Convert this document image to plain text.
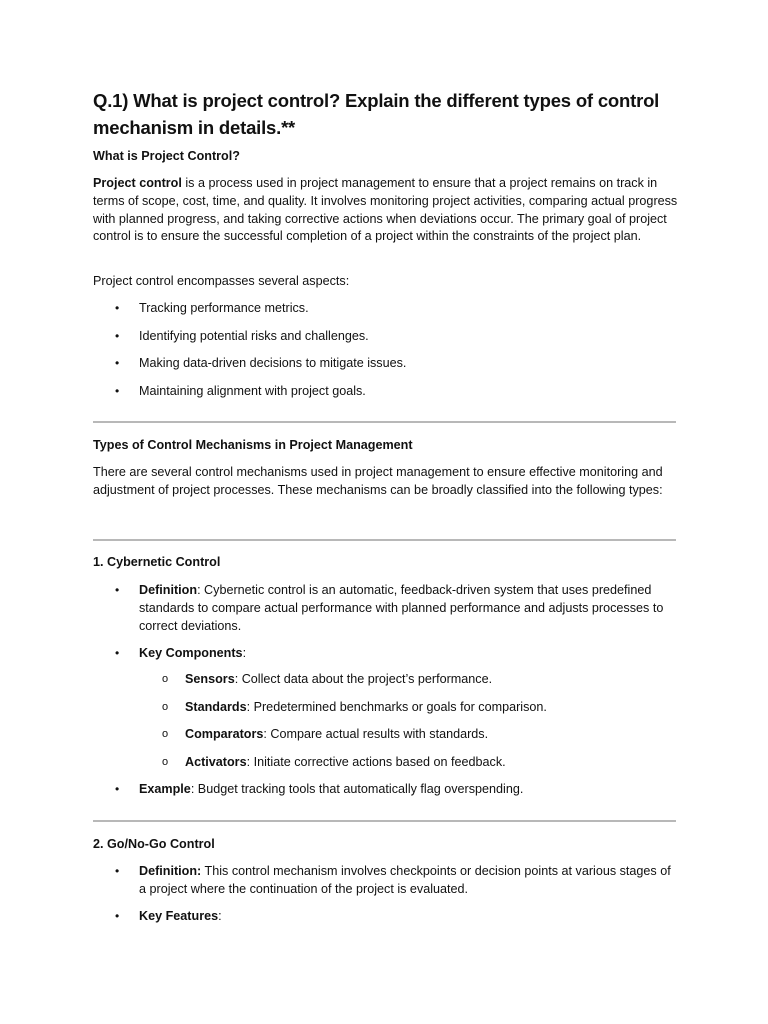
Q.1) What is project control? Explain the different types of control mechanism in details.**

What is Project Control?

Project control is a process used in project management to ensure that a project remains on track in terms of scope, cost, time, and quality. It involves monitoring project activities, comparing actual progress with planned progress, and taking corrective actions when deviations occur. The primary goal of project control is to ensure the successful completion of a project within the constraints of the project plan.

Project control encompasses several aspects:

• Tracking performance metrics.
• Identifying potential risks and challenges.
• Making data-driven decisions to mitigate issues.
• Maintaining alignment with project goals.

Types of Control Mechanisms in Project Management

There are several control mechanisms used in project management to ensure effective monitoring and adjustment of project processes. These mechanisms can be broadly classified into the following types:

1. Cybernetic Control

• Definition: Cybernetic control is an automatic, feedback-driven system that uses predefined standards to compare actual performance with planned performance and adjusts processes to correct deviations.
• Key Components:
o Sensors: Collect data about the project’s performance.
o Standards: Predetermined benchmarks or goals for comparison.
o Comparators: Compare actual results with standards.
o Activators: Initiate corrective actions based on feedback.
• Example: Budget tracking tools that automatically flag overspending.

2. Go/No-Go Control

• Definition: This control mechanism involves checkpoints or decision points at various stages of a project where the continuation of the project is evaluated.
• Key Features:
